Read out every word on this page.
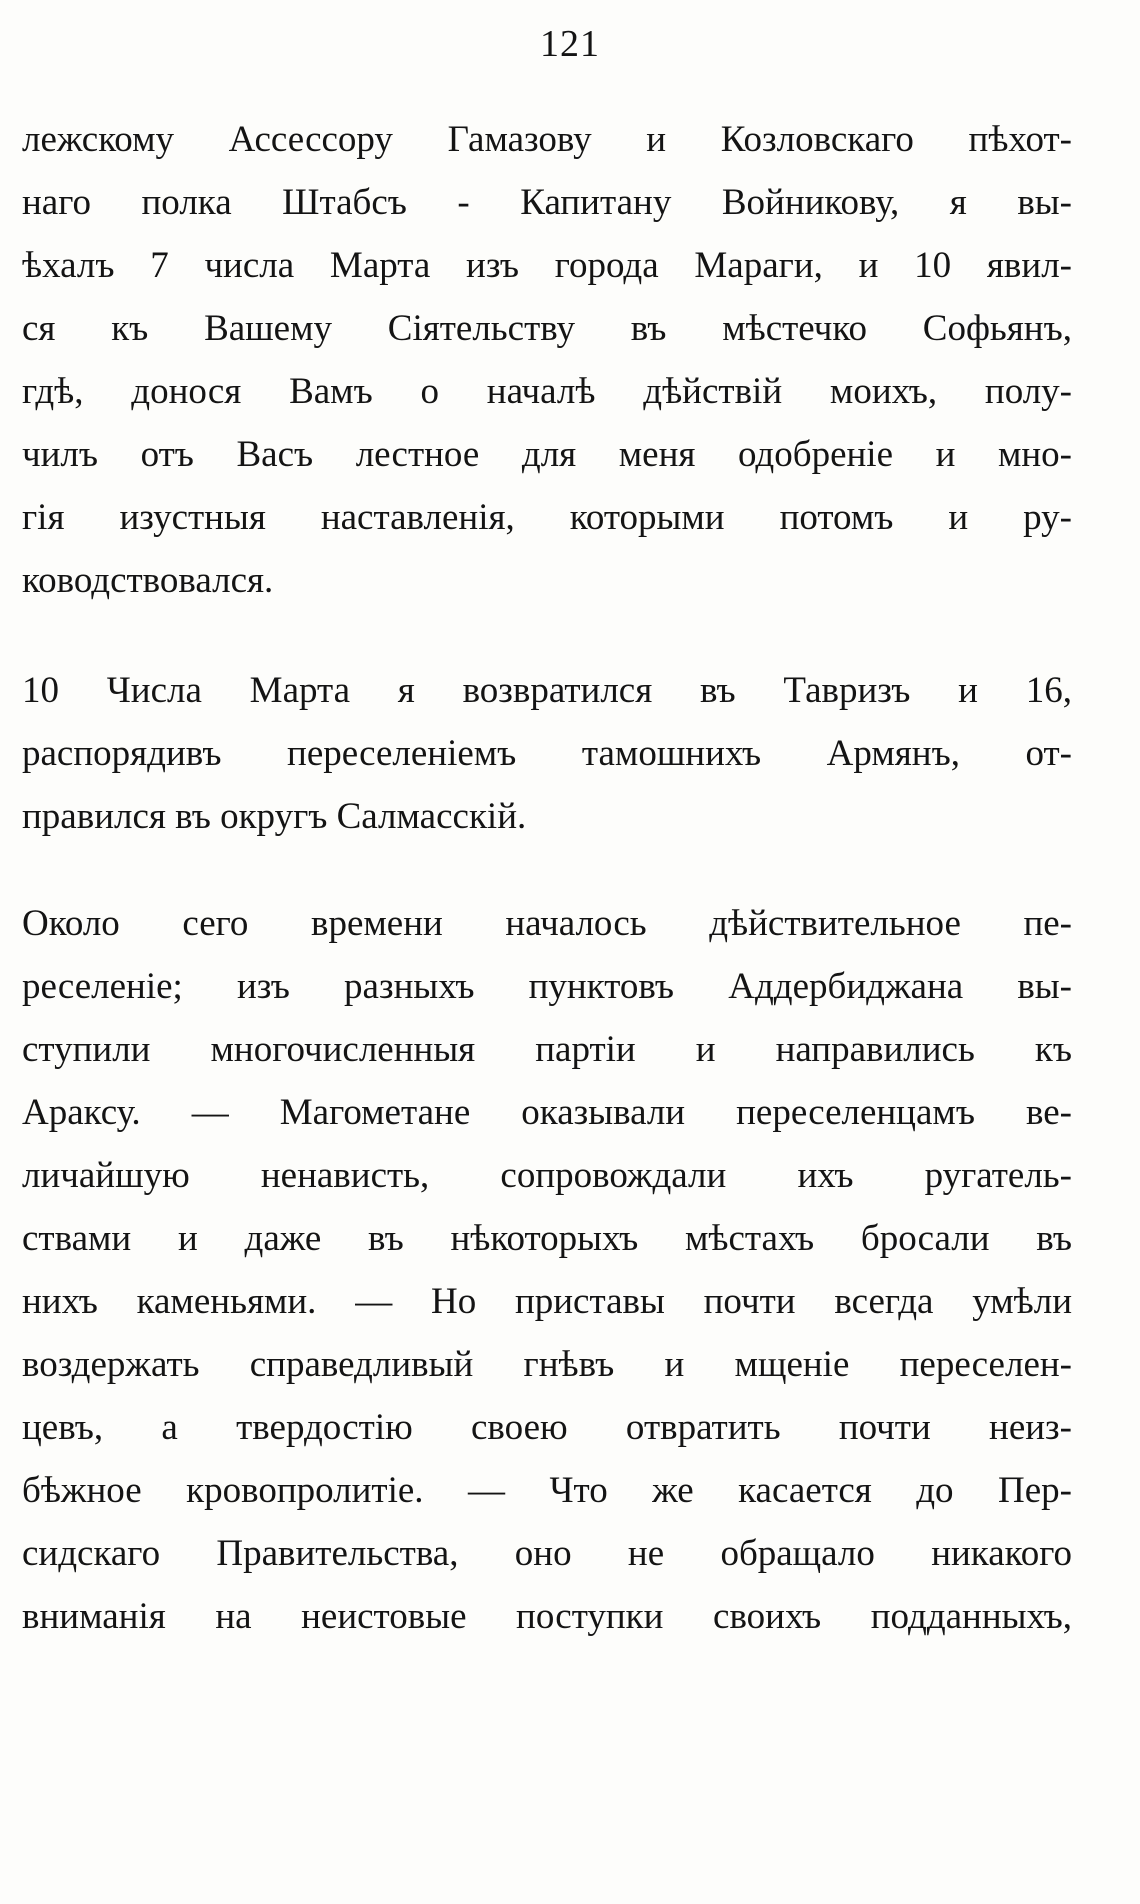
121
лежскому Ассессору Гамазову и Козловскаго пѣхот-
наго полка Штабсъ - Капитану Войникову, я вы-
ѣхалъ 7 числа Марта изъ города Мараги, и 10 явил-
ся къ Вашему Сіятельству въ мѣстечко Софьянъ,
гдѣ, донося Вамъ о началѣ дѣйствій моихъ, полу-
чилъ отъ Васъ лестное для меня одобреніе и мно-
гія изустныя наставленія, которыми потомъ и ру-
ководствовался.
10 Числа Марта я возвратился въ Тавризъ и 16,
распорядивъ переселеніемъ тамошнихъ Армянъ, от-
правился въ округъ Салмасскій.
Около сего времени началось дѣйствительное пе-
реселеніе; изъ разныхъ пунктовъ Аддербиджана вы-
ступили многочисленныя партіи и направились къ
Араксу. — Магометане оказывали переселенцамъ ве-
личайшую ненависть, сопровождали ихъ ругатель-
ствами и даже въ нѣкоторыхъ мѣстахъ бросали въ
нихъ каменьями. — Но приставы почти всегда умѣли
воздержать справедливый гнѣвъ и мщеніе переселен-
цевъ, а твердостію своею отвратить почти неиз-
бѣжное кровопролитіе. — Что же касается до Пер-
сидскаго Правительства, оно не обращало никакого
вниманія на неистовые поступки своихъ подданныхъ,
